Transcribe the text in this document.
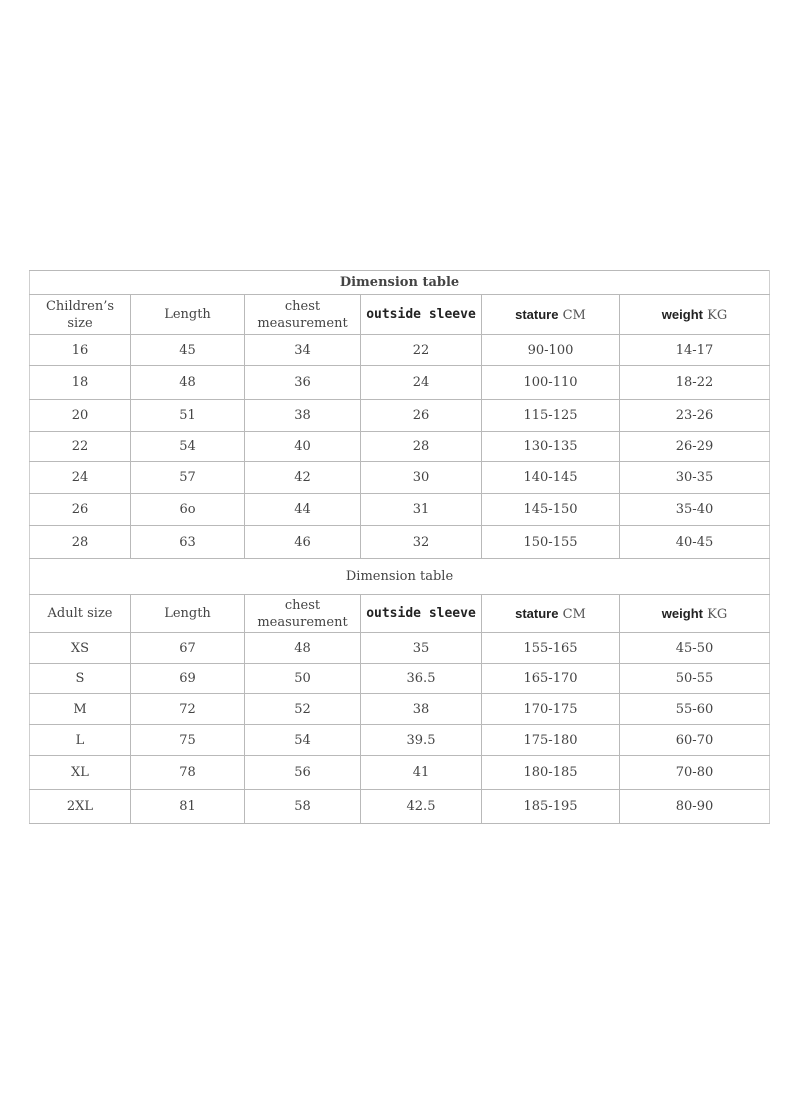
Dimension table					
Children’s size	Length	chest measurement	outside sleeve	stature CM	weight KG
16	45	34	22	90-100	14-17
18	48	36	24	100-110	18-22
20	51	38	26	115-125	23-26
22	54	40	28	130-135	26-29
24	57	42	30	140-145	30-35
26	6o	44	31	145-150	35-40
28	63	46	32	150-155	40-45
Dimension table					
Adult size	Length	chest measurement	outside sleeve	stature CM	weight KG
XS	67	48	35	155-165	45-50
S	69	50	36.5	165-170	50-55
M	72	52	38	170-175	55-60
L	75	54	39.5	175-180	60-70
XL	78	56	41	180-185	70-80
2XL	81	58	42.5	185-195	80-90
